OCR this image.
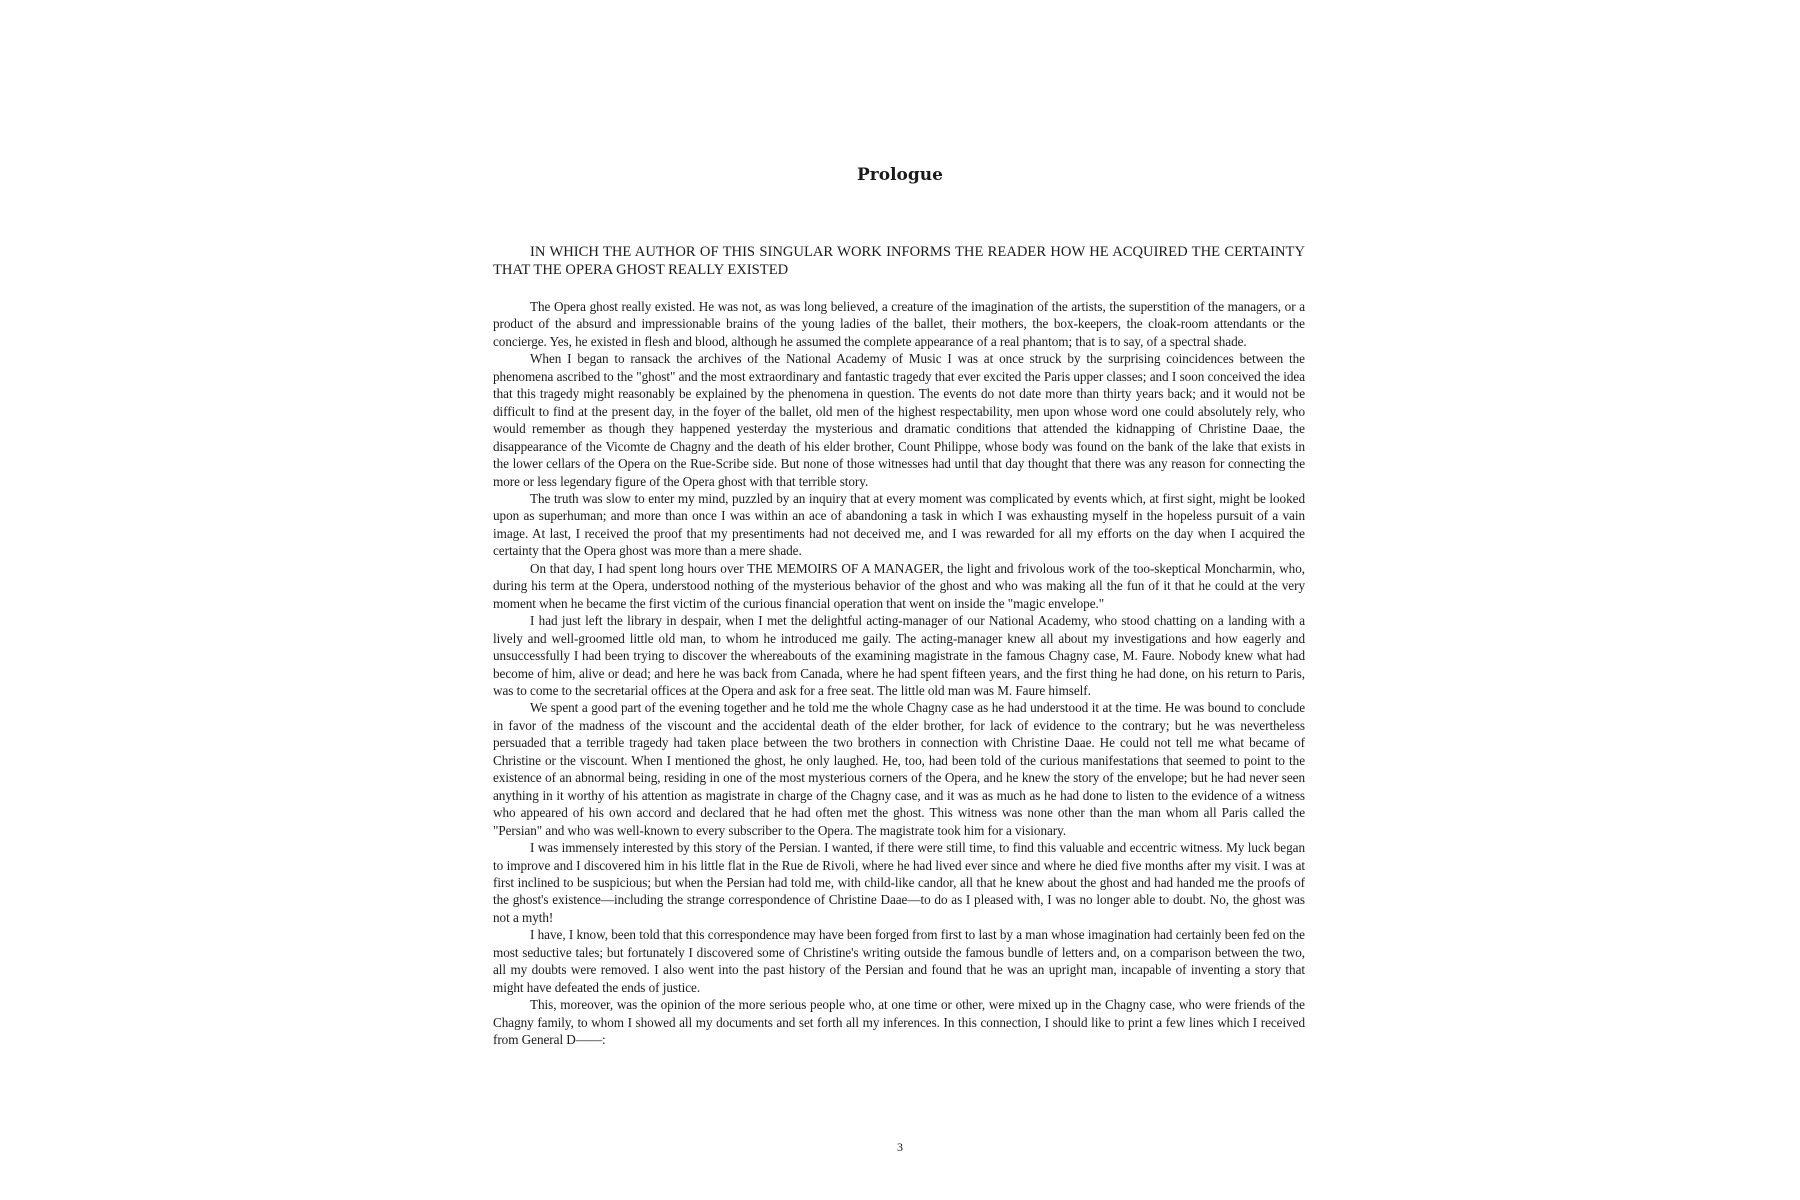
Prologue

IN WHICH THE AUTHOR OF THIS SINGULAR WORK INFORMS THE READER HOW HE ACQUIRED THE CERTAINTY THAT THE OPERA GHOST REALLY EXISTED

The Opera ghost really existed. He was not, as was long believed, a creature of the imagination of the artists, the superstition of the managers, or a product of the absurd and impressionable brains of the young ladies of the ballet, their mothers, the box-keepers, the cloak-room attendants or the concierge. Yes, he existed in flesh and blood, although he assumed the complete appearance of a real phantom; that is to say, of a spectral shade.

When I began to ransack the archives of the National Academy of Music I was at once struck by the surprising coincidences between the phenomena ascribed to the "ghost" and the most extraordinary and fantastic tragedy that ever excited the Paris upper classes; and I soon conceived the idea that this tragedy might reasonably be explained by the phenomena in question. The events do not date more than thirty years back; and it would not be difficult to find at the present day, in the foyer of the ballet, old men of the highest respectability, men upon whose word one could absolutely rely, who would remember as though they happened yesterday the mysterious and dramatic conditions that attended the kidnapping of Christine Daae, the disappearance of the Vicomte de Chagny and the death of his elder brother, Count Philippe, whose body was found on the bank of the lake that exists in the lower cellars of the Opera on the Rue-Scribe side. But none of those witnesses had until that day thought that there was any reason for connecting the more or less legendary figure of the Opera ghost with that terrible story.

The truth was slow to enter my mind, puzzled by an inquiry that at every moment was complicated by events which, at first sight, might be looked upon as superhuman; and more than once I was within an ace of abandoning a task in which I was exhausting myself in the hopeless pursuit of a vain image. At last, I received the proof that my presentiments had not deceived me, and I was rewarded for all my efforts on the day when I acquired the certainty that the Opera ghost was more than a mere shade.

On that day, I had spent long hours over THE MEMOIRS OF A MANAGER, the light and frivolous work of the too-skeptical Moncharmin, who, during his term at the Opera, understood nothing of the mysterious behavior of the ghost and who was making all the fun of it that he could at the very moment when he became the first victim of the curious financial operation that went on inside the "magic envelope."

I had just left the library in despair, when I met the delightful acting-manager of our National Academy, who stood chatting on a landing with a lively and well-groomed little old man, to whom he introduced me gaily. The acting-manager knew all about my investigations and how eagerly and unsuccessfully I had been trying to discover the whereabouts of the examining magistrate in the famous Chagny case, M. Faure. Nobody knew what had become of him, alive or dead; and here he was back from Canada, where he had spent fifteen years, and the first thing he had done, on his return to Paris, was to come to the secretarial offices at the Opera and ask for a free seat. The little old man was M. Faure himself.

We spent a good part of the evening together and he told me the whole Chagny case as he had understood it at the time. He was bound to conclude in favor of the madness of the viscount and the accidental death of the elder brother, for lack of evidence to the contrary; but he was nevertheless persuaded that a terrible tragedy had taken place between the two brothers in connection with Christine Daae. He could not tell me what became of Christine or the viscount. When I mentioned the ghost, he only laughed. He, too, had been told of the curious manifestations that seemed to point to the existence of an abnormal being, residing in one of the most mysterious corners of the Opera, and he knew the story of the envelope; but he had never seen anything in it worthy of his attention as magistrate in charge of the Chagny case, and it was as much as he had done to listen to the evidence of a witness who appeared of his own accord and declared that he had often met the ghost. This witness was none other than the man whom all Paris called the "Persian" and who was well-known to every subscriber to the Opera. The magistrate took him for a visionary.

I was immensely interested by this story of the Persian. I wanted, if there were still time, to find this valuable and eccentric witness. My luck began to improve and I discovered him in his little flat in the Rue de Rivoli, where he had lived ever since and where he died five months after my visit. I was at first inclined to be suspicious; but when the Persian had told me, with child-like candor, all that he knew about the ghost and had handed me the proofs of the ghost's existence—including the strange correspondence of Christine Daae—to do as I pleased with, I was no longer able to doubt. No, the ghost was not a myth!

I have, I know, been told that this correspondence may have been forged from first to last by a man whose imagination had certainly been fed on the most seductive tales; but fortunately I discovered some of Christine's writing outside the famous bundle of letters and, on a comparison between the two, all my doubts were removed. I also went into the past history of the Persian and found that he was an upright man, incapable of inventing a story that might have defeated the ends of justice.

This, moreover, was the opinion of the more serious people who, at one time or other, were mixed up in the Chagny case, who were friends of the Chagny family, to whom I showed all my documents and set forth all my inferences. In this connection, I should like to print a few lines which I received from General D——:

3
